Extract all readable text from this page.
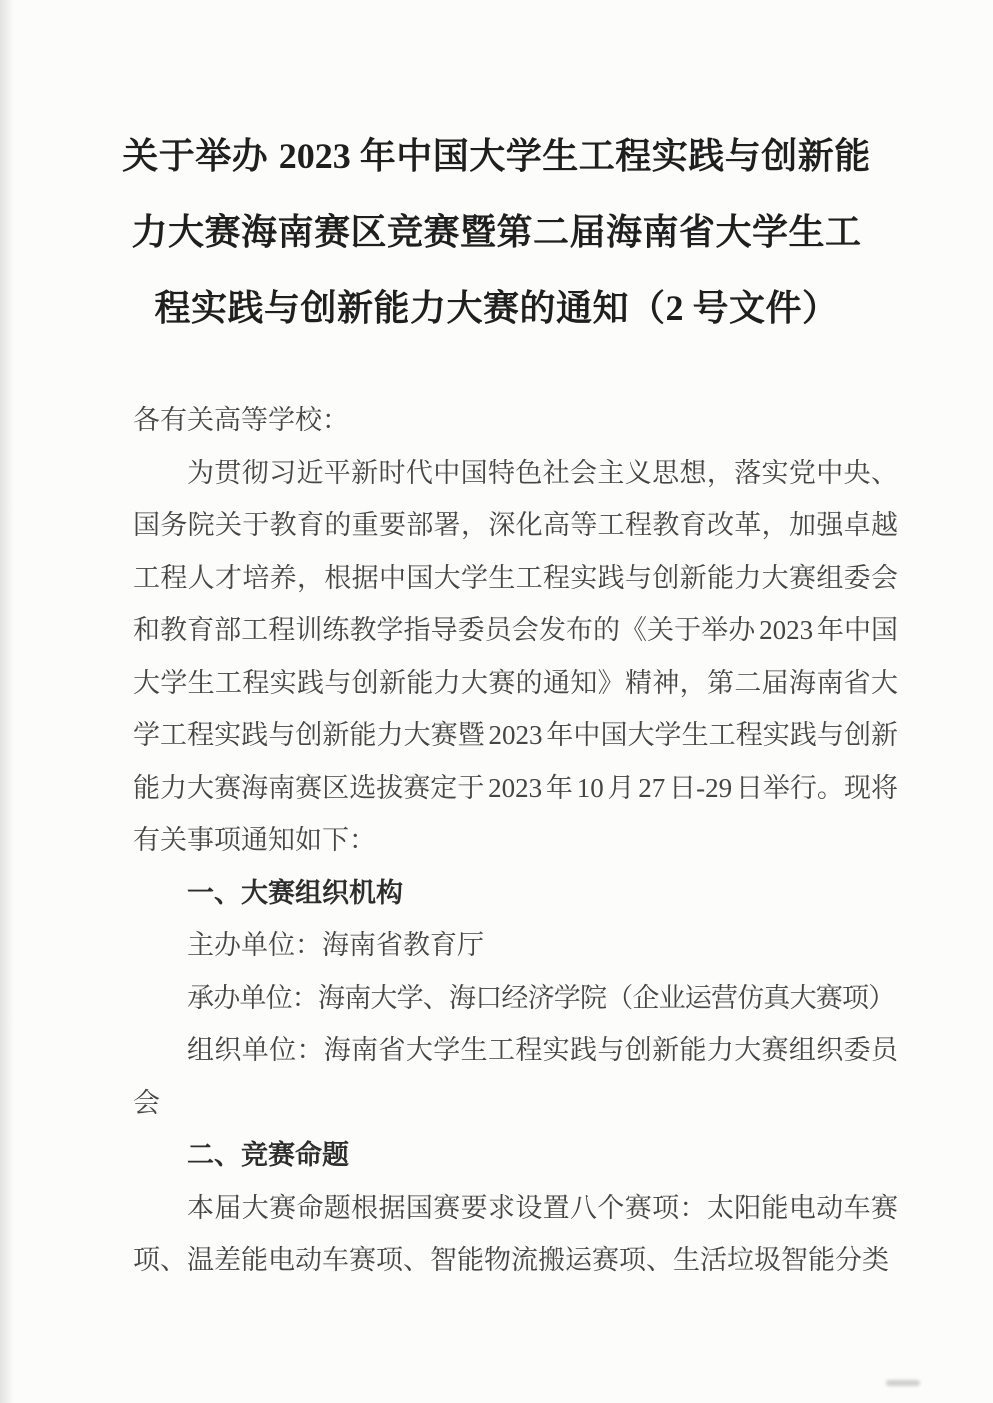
关于举办 2023 年中国大学生工程实践与创新能
力大赛海南赛区竞赛暨第二届海南省大学生工
程实践与创新能力大赛的通知（2 号文件）

各有关高等学校：

为贯彻习近平新时代中国特色社会主义思想，落实党中央、国务院关于教育的重要部署，深化高等工程教育改革，加强卓越工程人才培养，根据中国大学生工程实践与创新能力大赛组委会和教育部工程训练教学指导委员会发布的《关于举办 2023 年中国大学生工程实践与创新能力大赛的通知》精神，第二届海南省大学工程实践与创新能力大赛暨 2023 年中国大学生工程实践与创新能力大赛海南赛区选拔赛定于 2023 年 10 月 27 日-29 日举行。现将有关事项通知如下：

一、大赛组织机构

主办单位：海南省教育厅

承办单位：海南大学、海口经济学院（企业运营仿真大赛项）

组织单位：海南省大学生工程实践与创新能力大赛组织委员会

二、竞赛命题

本届大赛命题根据国赛要求设置八个赛项：太阳能电动车赛项、温差能电动车赛项、智能物流搬运赛项、生活垃圾智能分类
